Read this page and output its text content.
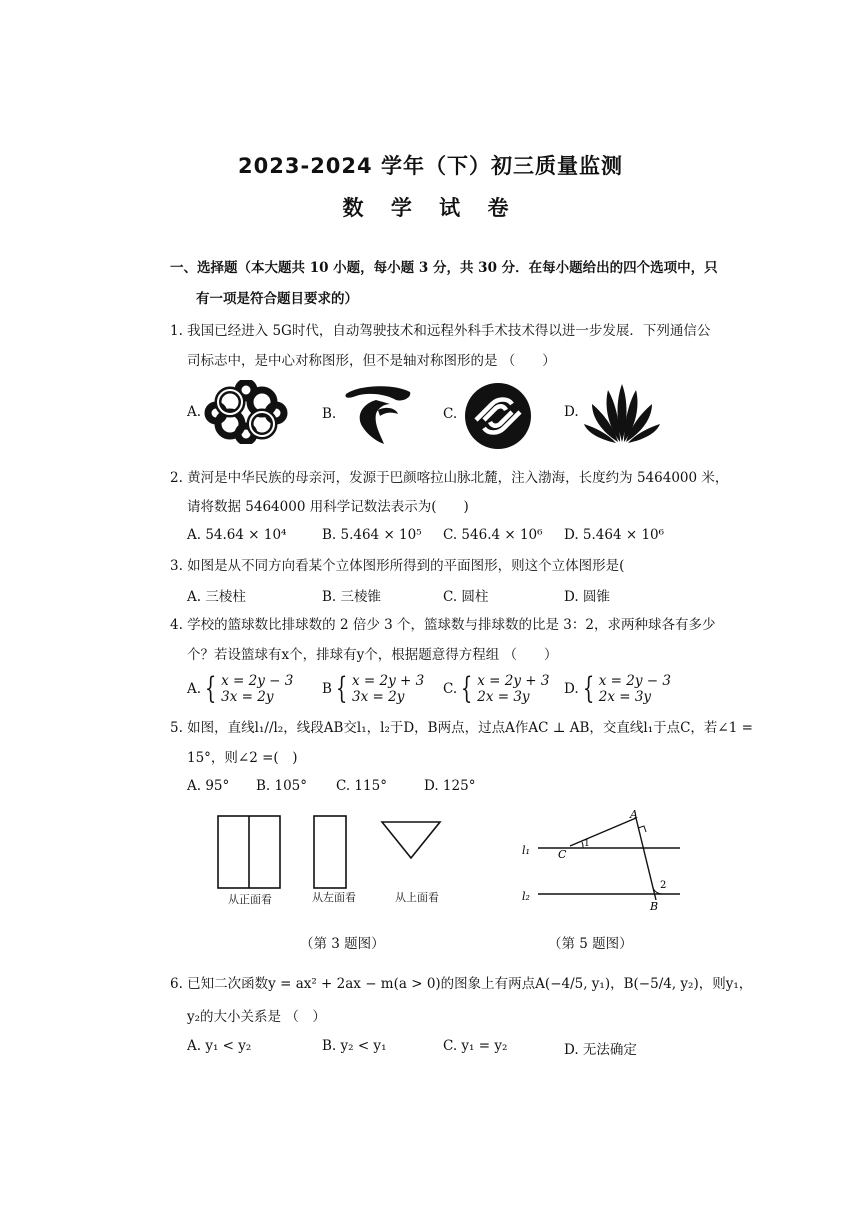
2023-2024 学年（下）初三质量监测
数 学 试 卷
一、选择题（本大题共 10 小题，每小题 3 分，共 30 分．在每小题给出的四个选项中，只
有一项是符合题目要求的）
1. 我国已经进入 5G时代，自动驾驶技术和远程外科手术技术得以进一步发展．下列通信公
司标志中，是中心对称图形，但不是轴对称图形的是 （　　）
A.	B.	C.	D.
2. 黄河是中华民族的母亲河，发源于巴颜喀拉山脉北麓，注入渤海，长度约为 5464000 米，
请将数据 5464000 用科学记数法表示为(　　)
A. 54.64 × 10⁴	B. 5.464 × 10⁵ C. 546.4 × 10⁶ D. 5.464 × 10⁶
3. 如图是从不同方向看某个立体图形所得到的平面图形，则这个立体图形是(
A. 三棱柱	B. 三棱锥	C. 圆柱	D. 圆锥
4. 学校的篮球数比排球数的 2 倍少 3 个，篮球数与排球数的比是 3：2，求两种球各有多少
个？若设篮球有x个，排球有y个，根据题意得方程组 （　　）
A. { x = 2y − 3
3x = 2y	B { x = 2y + 3
3x = 2y	C. { x = 2y + 3
2x = 3y	D. { x = 2y − 3
2x = 3y
5. 如图，直线l₁//l₂，线段AB交l₁，l₂于D，B两点，过点A作AC ⊥ AB，交直线l₁于点C，若∠1 =
15°，则∠2 =(　)
A. 95° B. 105° C. 115°	D. 125°
从正面看	从左面看	从上面看
（第 3 题图）
A
B
C
l₁
l₂
1
2
（第 5 题图）
6. 已知二次函数y = ax² + 2ax − m(a > 0)的图象上有两点A(−4/5, y₁)，B(−5/4, y₂)，则y₁，
y₂的大小关系是 （　）
A. y₁ < y₂	B. y₂ < y₁	C. y₁ = y₂	D. 无法确定
